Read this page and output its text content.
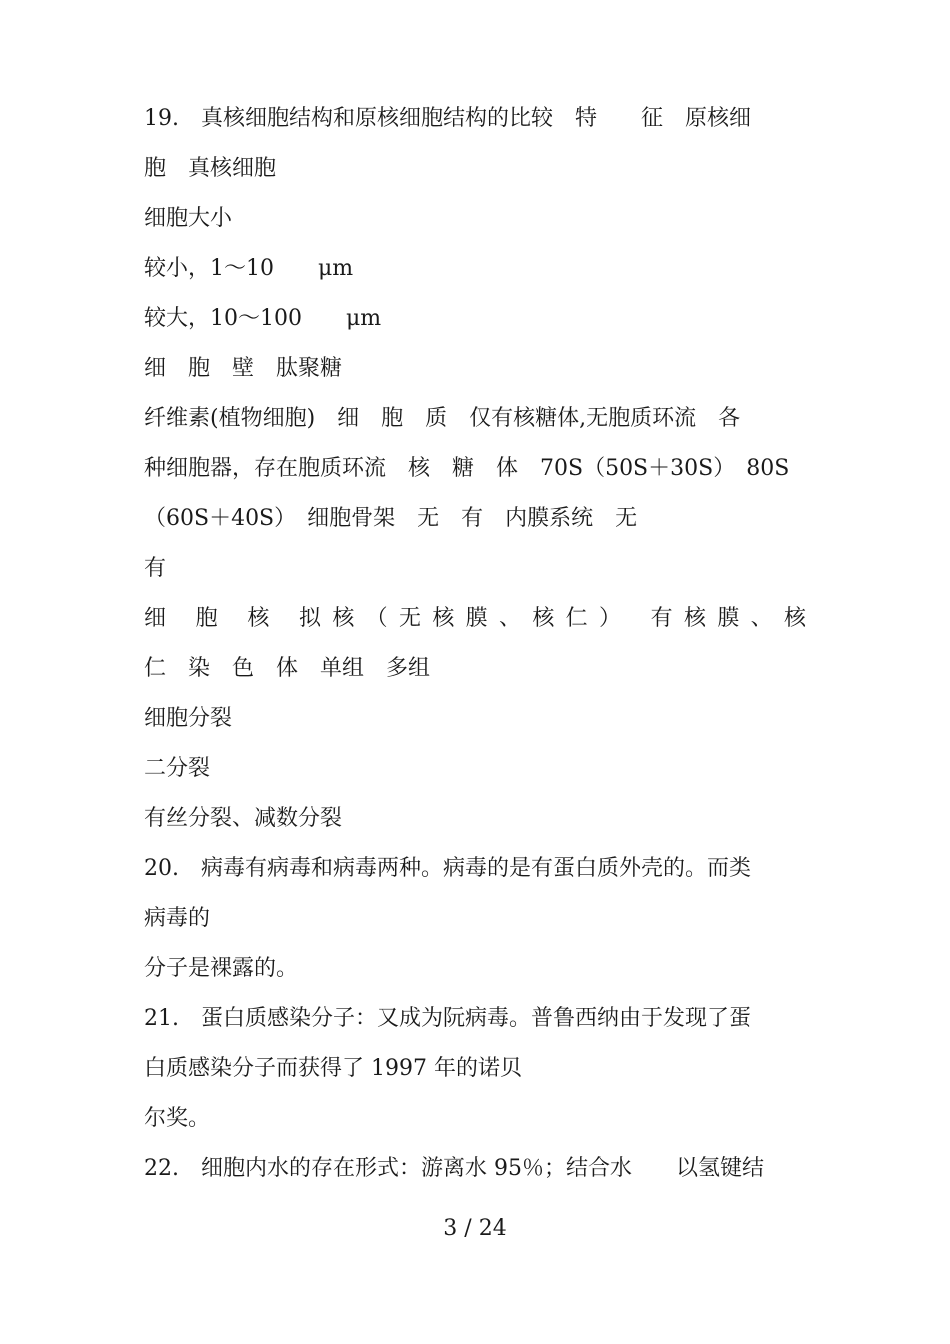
19.　真核细胞结构和原核细胞结构的比较　特　　征　原核细
胞　真核细胞
细胞大小
较小，1～10　　μm
较大，10～100　　μm
细　胞　壁　肽聚糖
纤维素(植物细胞)　细　胞　质　仅有核糖体,无胞质环流　各
种细胞器，存在胞质环流　核　糖　体　70S（50S＋30S）　80S
（60S＋40S）　细胞骨架　无　有　内膜系统　无
有
细 胞 核 拟核（无核膜、核仁） 有核膜、核
仁　染　色　体　单组　多组
细胞分裂
二分裂
有丝分裂、减数分裂
20.　病毒有病毒和病毒两种。病毒的是有蛋白质外壳的。而类
病毒的
分子是裸露的。
21.　蛋白质感染分子：又成为阮病毒。普鲁西纳由于发现了蛋
白质感染分子而获得了 1997 年的诺贝
尔奖。
22.　细胞内水的存在形式：游离水 95％；结合水　　以氢键结
3 / 24
